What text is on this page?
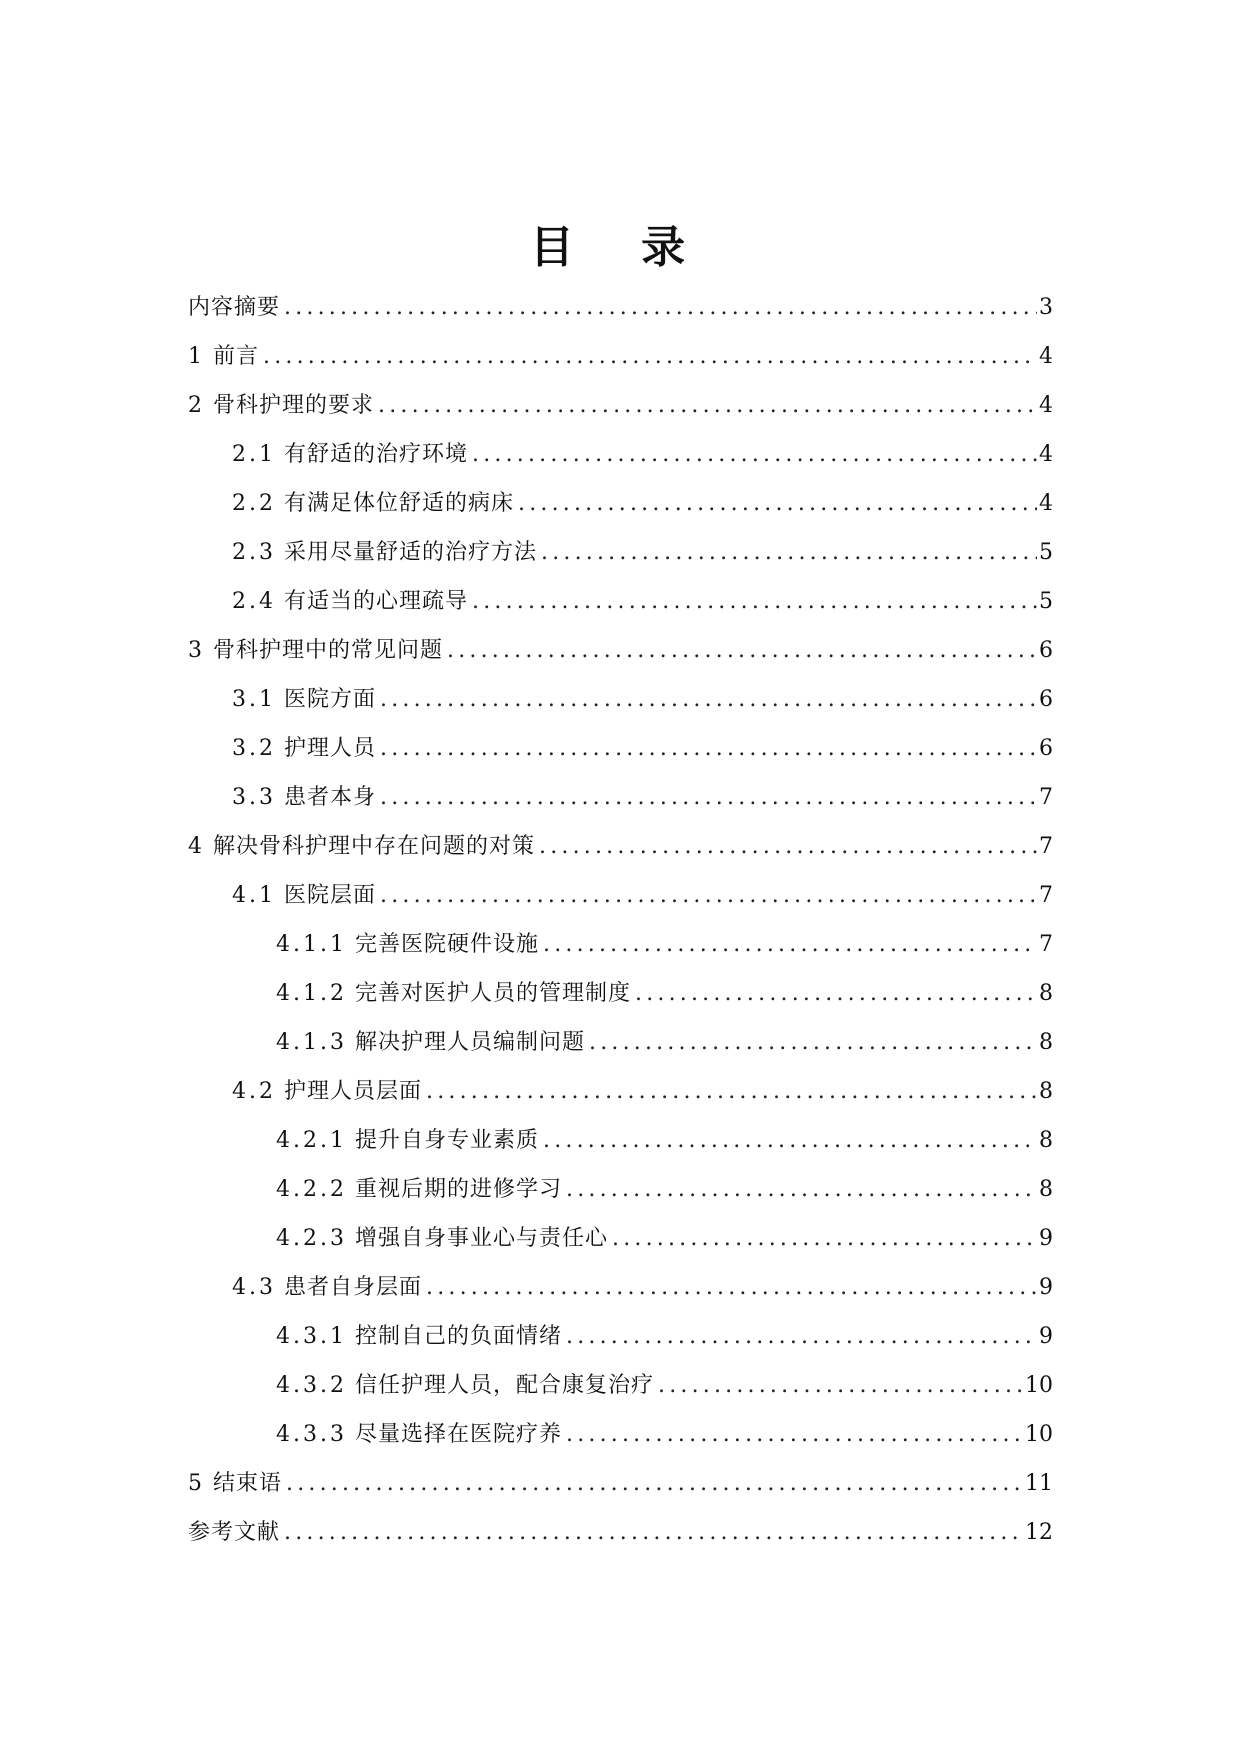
目 录
内容摘要 .....	3
1 前言 .....	4
2 骨科护理的要求 .....	4
2.1 有舒适的治疗环境 .....	4
2.2 有满足体位舒适的病床 .....	4
2.3 采用尽量舒适的治疗方法 .....	5
2.4 有适当的心理疏导 .....	5
3 骨科护理中的常见问题 .....	6
3.1 医院方面 .....	6
3.2 护理人员 .....	6
3.3 患者本身 .....	7
4 解决骨科护理中存在问题的对策 .....	7
4.1 医院层面 .....	7
4.1.1 完善医院硬件设施 .....	7
4.1.2 完善对医护人员的管理制度 .....	8
4.1.3 解决护理人员编制问题 .....	8
4.2 护理人员层面 .....	8
4.2.1 提升自身专业素质 .....	8
4.2.2 重视后期的进修学习 .....	8
4.2.3 增强自身事业心与责任心 .....	9
4.3 患者自身层面 .....	9
4.3.1 控制自己的负面情绪 .....	9
4.3.2 信任护理人员，配合康复治疗 .....	10
4.3.3 尽量选择在医院疗养 .....	10
5 结束语 .....	11
参考文献 .....	12
